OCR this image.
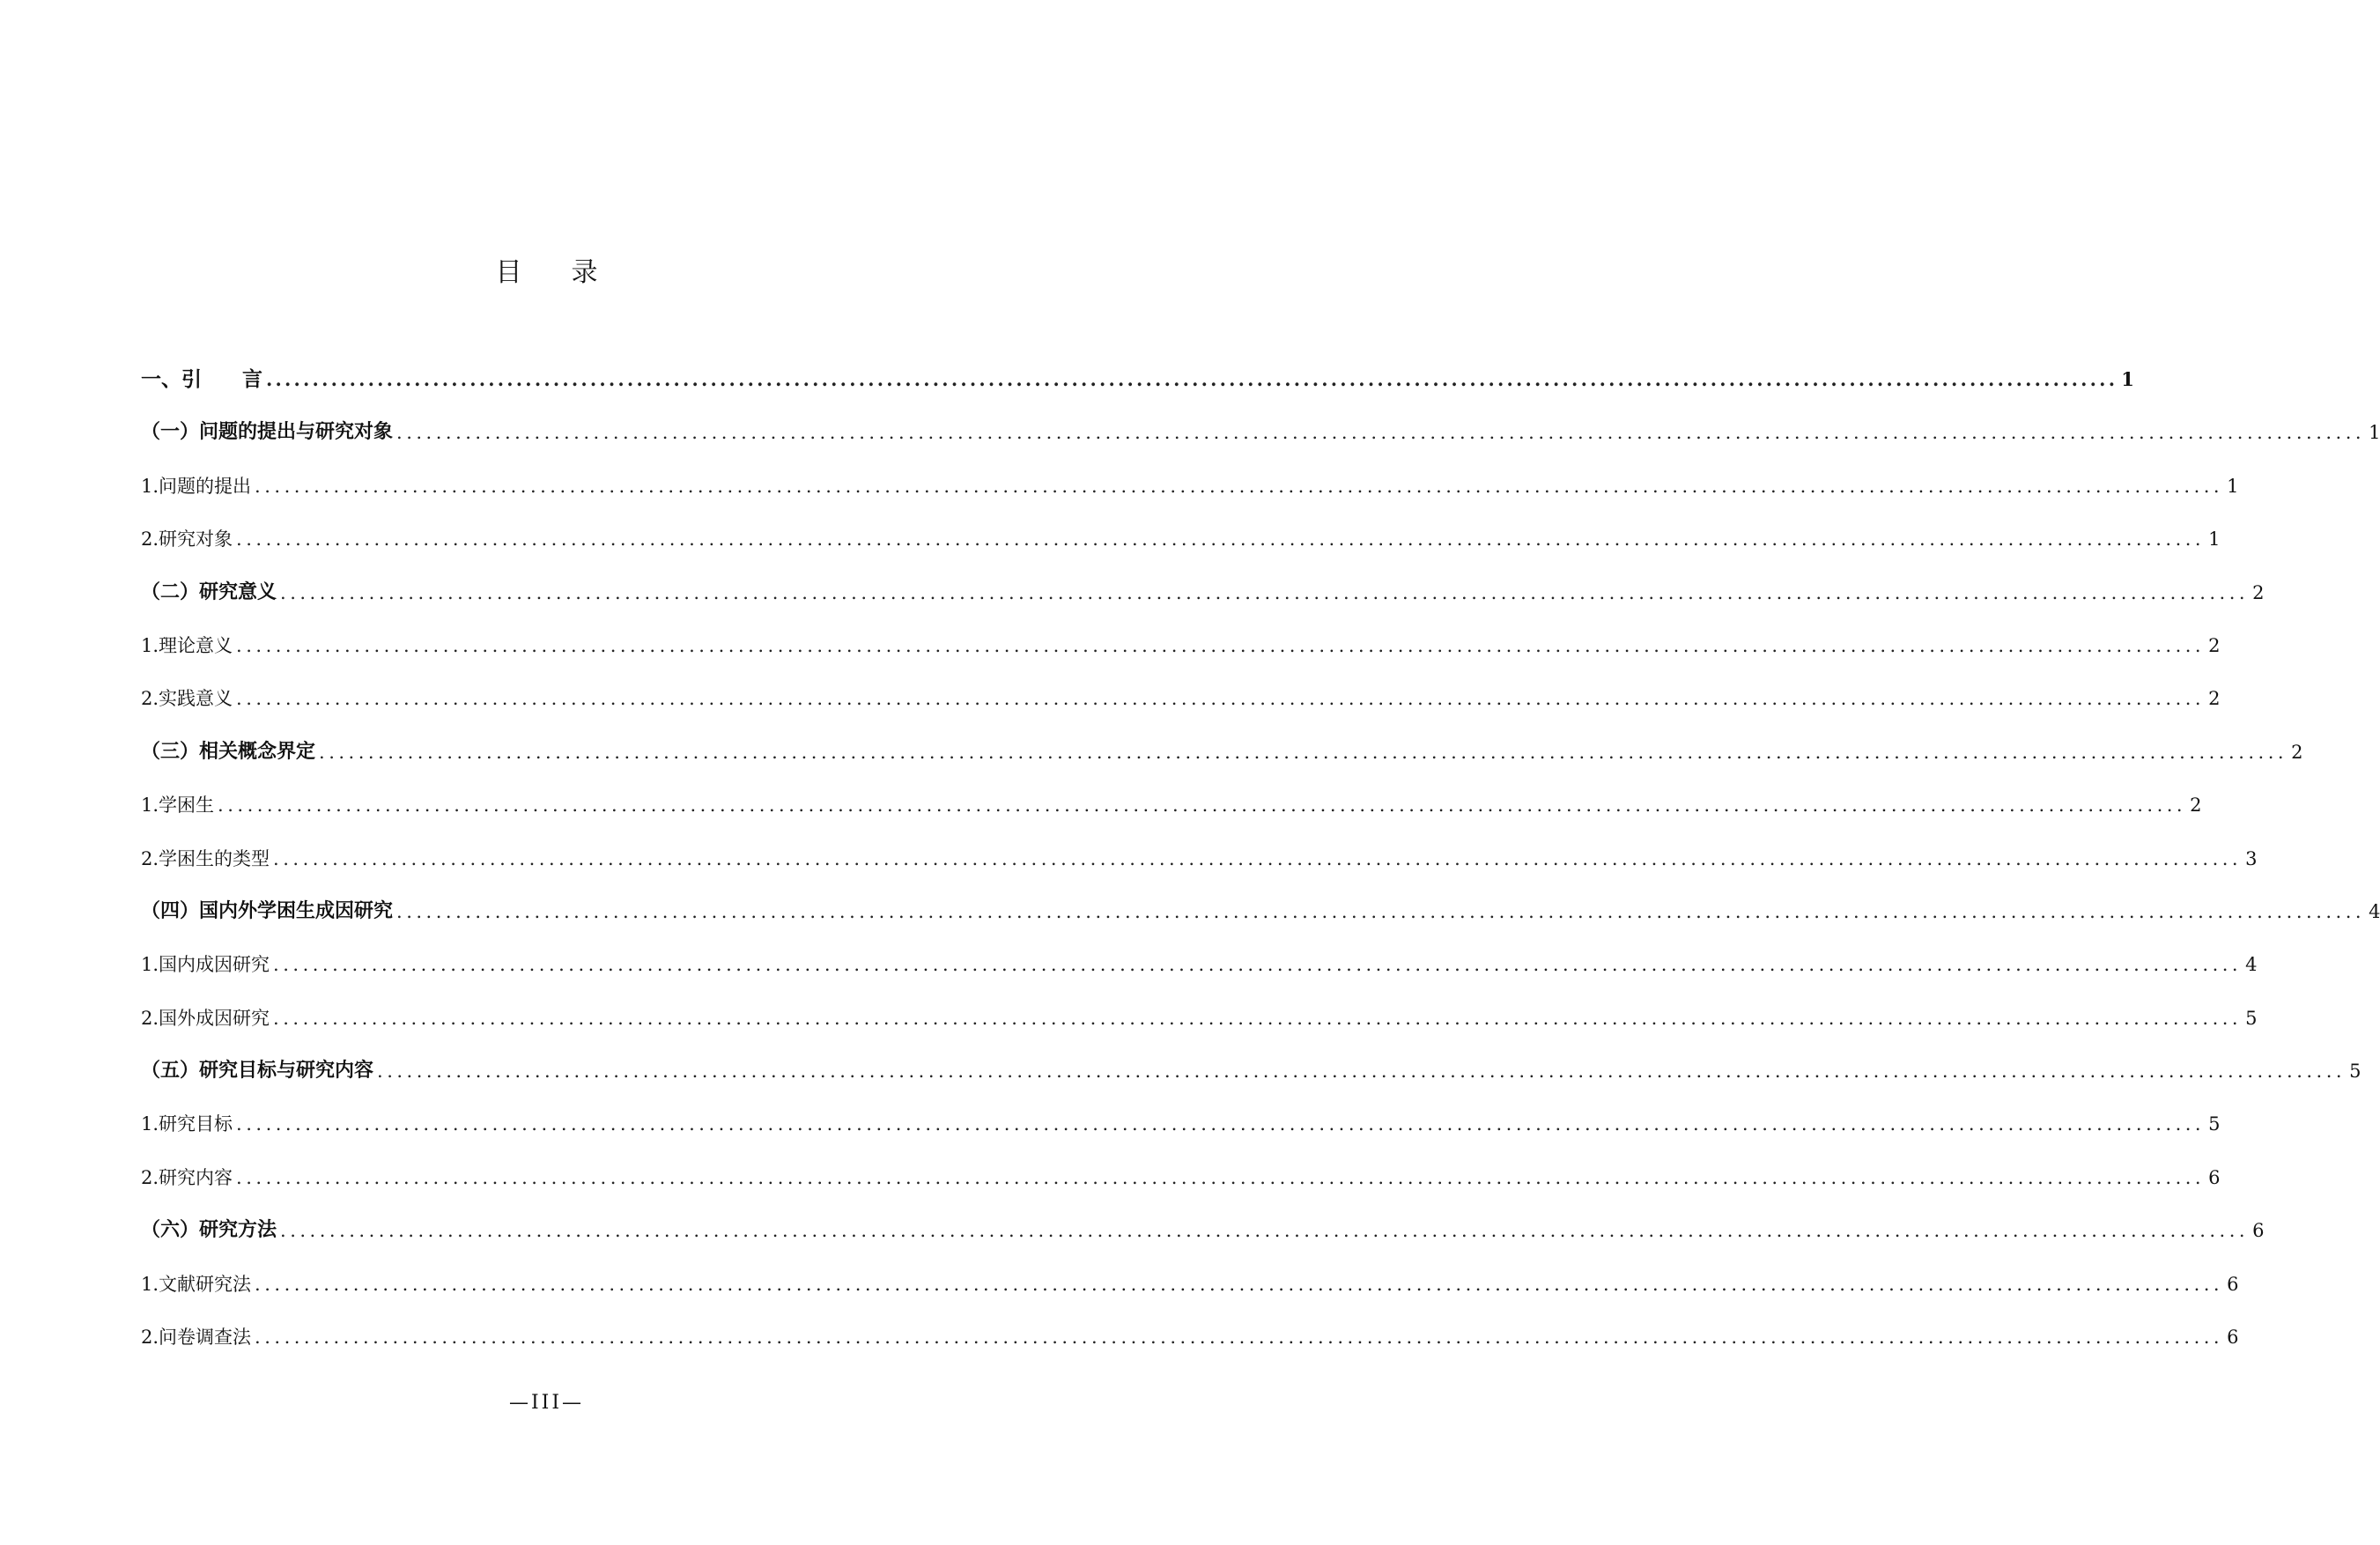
目 录
一、引　　言 ........................................................................................................................................................................................................ 1
（一）问题的提出与研究对象 ........................................................................................................................................................................................................ 1
1.问题的提出 ........................................................................................................................................................................................................ 1
2.研究对象 ........................................................................................................................................................................................................ 1
（二）研究意义 ........................................................................................................................................................................................................ 2
1.理论意义 ........................................................................................................................................................................................................ 2
2.实践意义 ........................................................................................................................................................................................................ 2
（三）相关概念界定 ........................................................................................................................................................................................................ 2
1.学困生 ........................................................................................................................................................................................................ 2
2.学困生的类型 ........................................................................................................................................................................................................ 3
（四）国内外学困生成因研究 ........................................................................................................................................................................................................ 4
1.国内成因研究 ........................................................................................................................................................................................................ 4
2.国外成因研究 ........................................................................................................................................................................................................ 5
（五）研究目标与研究内容 ........................................................................................................................................................................................................ 5
1.研究目标 ........................................................................................................................................................................................................ 5
2.研究内容 ........................................................................................................................................................................................................ 6
（六）研究方法 ........................................................................................................................................................................................................ 6
1.文献研究法 ........................................................................................................................................................................................................ 6
2.问卷调查法 ........................................................................................................................................................................................................ 6
—III—
